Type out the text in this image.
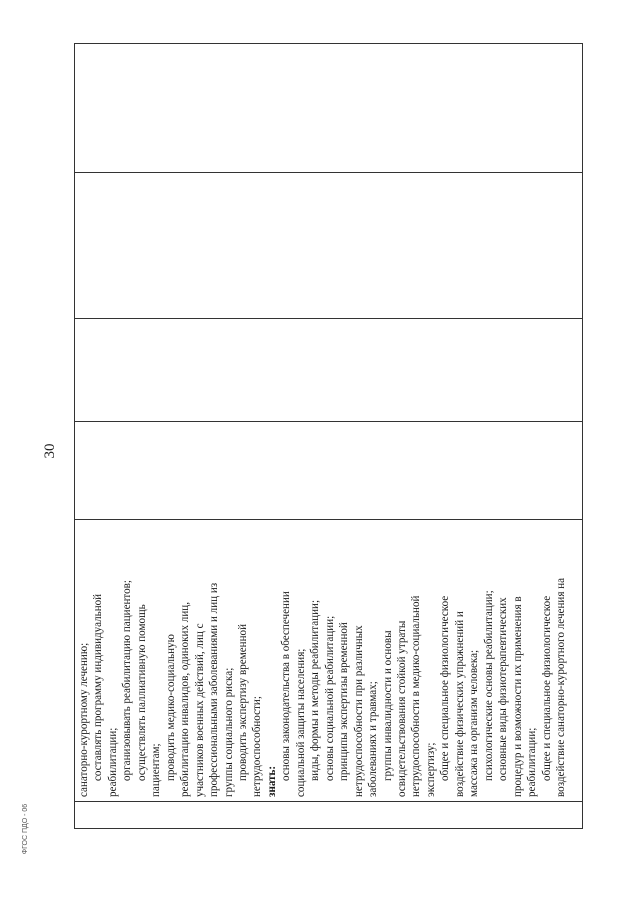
30
санаторно-курортному лечению; составлять программу индивидуальной реабилитации; организовывать реабилитацию пациентов; осуществлять паллиативную помощь пациентам; проводить медико-социальную реабилитацию инвалидов, одиноких лиц, участников военных действий, лиц с профессиональными заболеваниями и лиц из группы социального риска; проводить экспертизу временной нетрудоспособности; знать:
основы законодательства в обеспечении социальной защиты населения; виды, формы и методы реабилитации; основы социальной реабилитации; принципы экспертизы временной нетрудоспособности при различных заболеваниях и травмах; группы инвалидности и основы освидетельствования стойкой утраты нетрудоспособности в медико-социальной экспертизу; общее и специальное физиологическое воздействие физических упражнений и массажа на организм человека; психологические основы реабилитации; основные виды физиотерапевтических процедур и возможности их применения в реабилитации; общее и специальное физиологическое воздействие санаторно-курортного лечения на

ФГОС ПДО - 06
